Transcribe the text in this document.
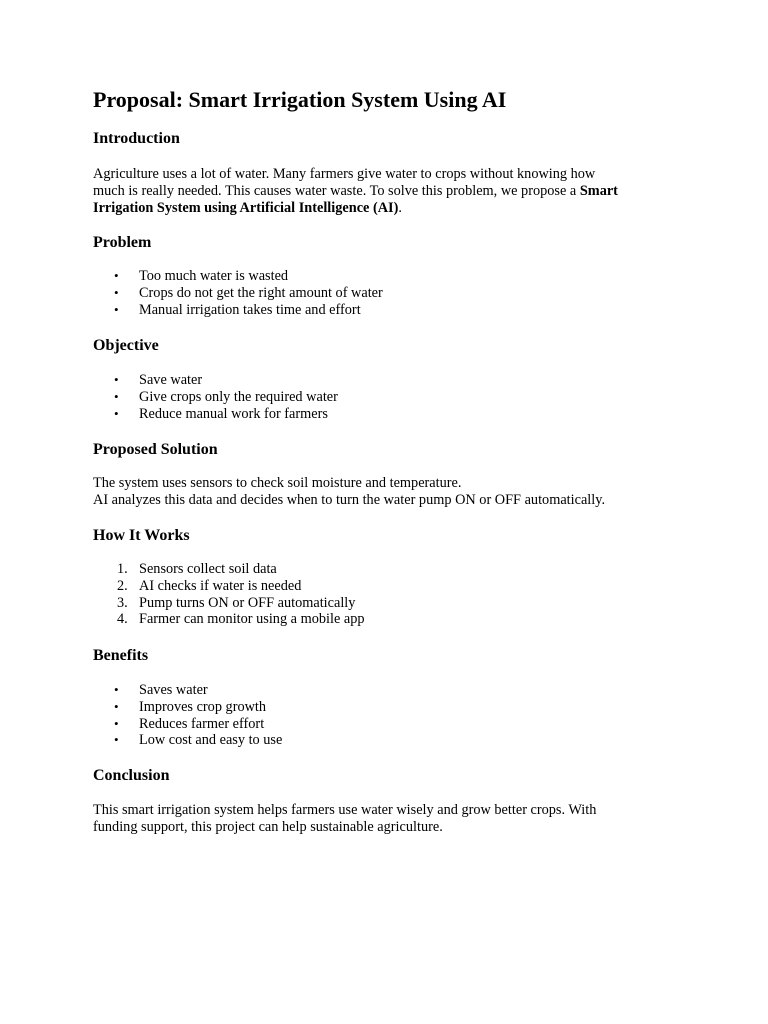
Proposal: Smart Irrigation System Using AI
Introduction

Agriculture uses a lot of water. Many farmers give water to crops without knowing how
much is really needed. This causes water waste. To solve this problem, we propose a Smart
Irrigation System using Artificial Intelligence (AI).

Problem
• Too much water is wasted
• Crops do not get the right amount of water
• Manual irrigation takes time and effort
Objective
• Save water
• Give crops only the required water
• Reduce manual work for farmers
Proposed Solution

The system uses sensors to check soil moisture and temperature.
AI analyzes this data and decides when to turn the water pump ON or OFF automatically.

How It Works
1. Sensors collect soil data
2. AI checks if water is needed
3. Pump turns ON or OFF automatically
4. Farmer can monitor using a mobile app
Benefits
• Saves water
• Improves crop growth
• Reduces farmer effort
• Low cost and easy to use
Conclusion

This smart irrigation system helps farmers use water wisely and grow better crops. With
funding support, this project can help sustainable agriculture.
